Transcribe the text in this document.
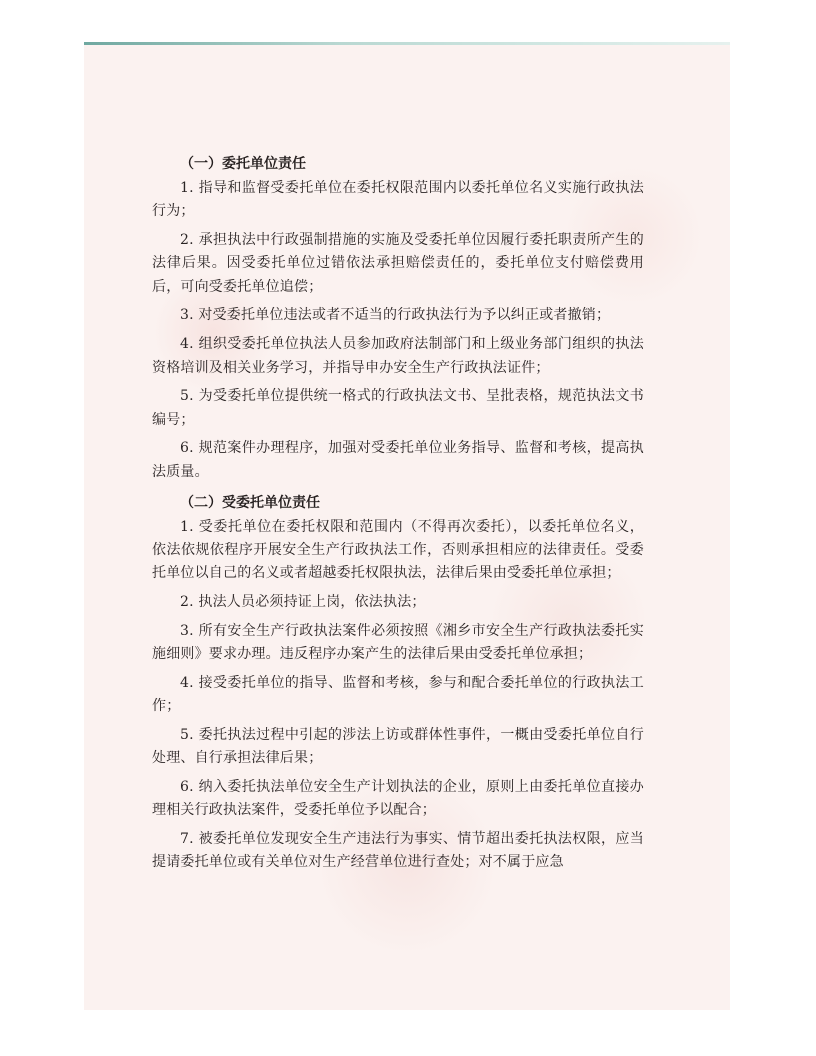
（一）委托单位责任

1. 指导和监督受委托单位在委托权限范围内以委托单位名义实施行政执法行为；

2. 承担执法中行政强制措施的实施及受委托单位因履行委托职责所产生的法律后果。因受委托单位过错依法承担赔偿责任的，委托单位支付赔偿费用后，可向受委托单位追偿；

3. 对受委托单位违法或者不适当的行政执法行为予以纠正或者撤销；

4. 组织受委托单位执法人员参加政府法制部门和上级业务部门组织的执法资格培训及相关业务学习，并指导申办安全生产行政执法证件；

5. 为受委托单位提供统一格式的行政执法文书、呈批表格，规范执法文书编号；

6. 规范案件办理程序，加强对受委托单位业务指导、监督和考核，提高执法质量。

（二）受委托单位责任

1. 受委托单位在委托权限和范围内（不得再次委托），以委托单位名义，依法依规依程序开展安全生产行政执法工作，否则承担相应的法律责任。受委托单位以自己的名义或者超越委托权限执法，法律后果由受委托单位承担；

2. 执法人员必须持证上岗，依法执法；

3. 所有安全生产行政执法案件必须按照《湘乡市安全生产行政执法委托实施细则》要求办理。违反程序办案产生的法律后果由受委托单位承担；

4. 接受委托单位的指导、监督和考核，参与和配合委托单位的行政执法工作；

5. 委托执法过程中引起的涉法上访或群体性事件，一概由受委托单位自行处理、自行承担法律后果；

6. 纳入委托执法单位安全生产计划执法的企业，原则上由委托单位直接办理相关行政执法案件，受委托单位予以配合；

7. 被委托单位发现安全生产违法行为事实、情节超出委托执法权限，应当提请委托单位或有关单位对生产经营单位进行查处；对不属于应急
